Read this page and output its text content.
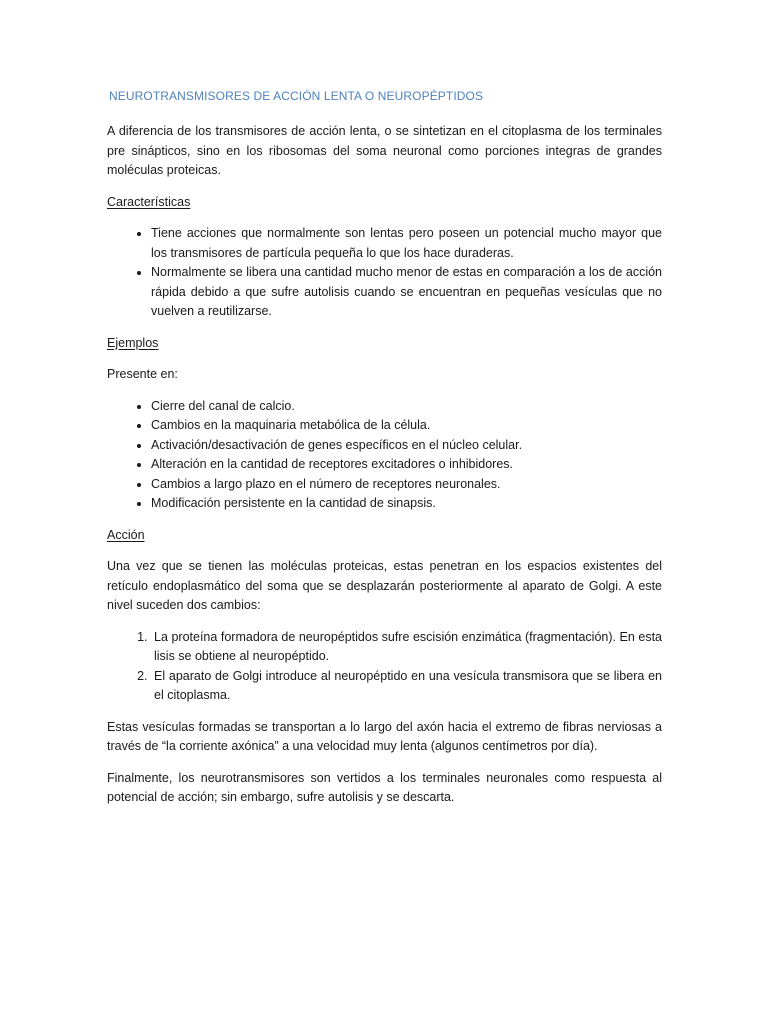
NEUROTRANSMISORES DE ACCIÓN LENTA O NEUROPÉPTIDOS

A diferencia de los transmisores de acción lenta, o se sintetizan en el citoplasma de los terminales pre sinápticos, sino en los ribosomas del soma neuronal como porciones integras de grandes moléculas proteicas.

Características

• Tiene acciones que normalmente son lentas pero poseen un potencial mucho mayor que los transmisores de partícula pequeña lo que los hace duraderas.
• Normalmente se libera una cantidad mucho menor de estas en comparación a los de acción rápida debido a que sufre autolisis cuando se encuentran en pequeñas vesículas que no vuelven a reutilizarse.

Ejemplos

Presente en:

• Cierre del canal de calcio.
• Cambios en la maquinaria metabólica de la célula.
• Activación/desactivación de genes específicos en el núcleo celular.
• Alteración en la cantidad de receptores excitadores o inhibidores.
• Cambios a largo plazo en el número de receptores neuronales.
• Modificación persistente en la cantidad de sinapsis.

Acción

Una vez que se tienen las moléculas proteicas, estas penetran en los espacios existentes del retículo endoplasmático del soma que se desplazarán posteriormente al aparato de Golgi. A este nivel suceden dos cambios:

1. La proteína formadora de neuropéptidos sufre escisión enzimática (fragmentación). En esta lisis se obtiene al neuropéptido.
2. El aparato de Golgi introduce al neuropéptido en una vesícula transmisora que se libera en el citoplasma.

Estas vesículas formadas se transportan a lo largo del axón hacia el extremo de fibras nerviosas a través de “la corriente axónica” a una velocidad muy lenta (algunos centímetros por día).

Finalmente, los neurotransmisores son vertidos a los terminales neuronales como respuesta al potencial de acción; sin embargo, sufre autolisis y se descarta.
